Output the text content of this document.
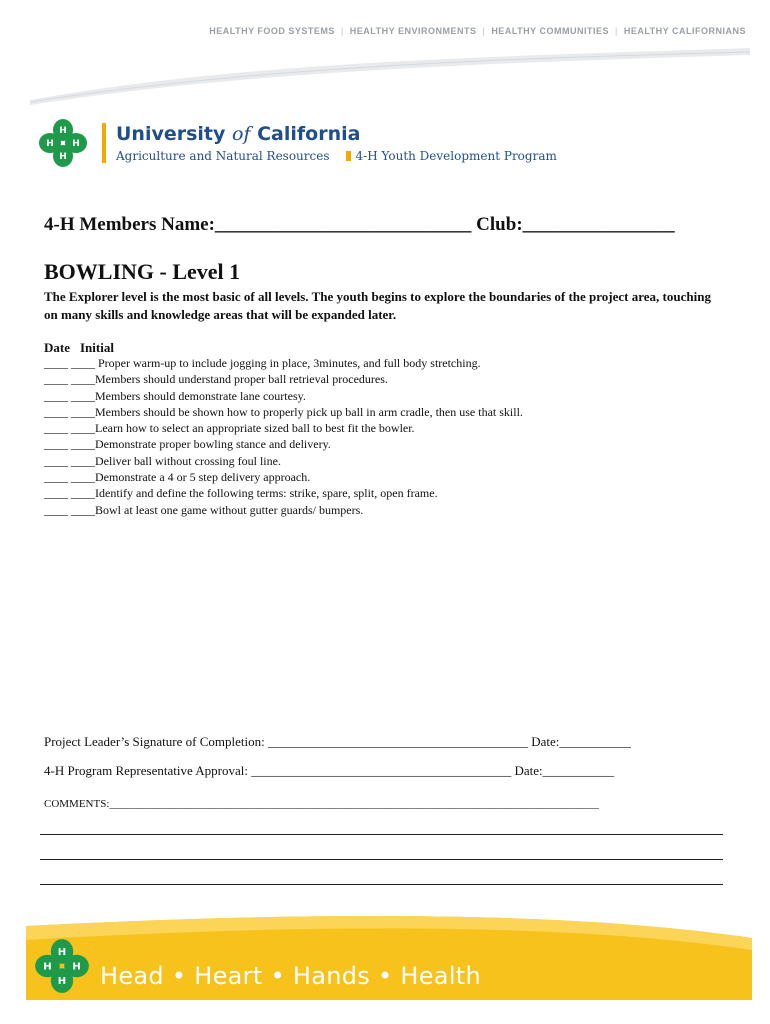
HEALTHY FOOD SYSTEMS | HEALTHY ENVIRONMENTS | HEALTHY COMMUNITIES | HEALTHY CALIFORNIANS
H
H
H H University of California
Agriculture and Natural Resources 4-H Youth Development Program
4-H Members Name:___________________________ Club:________________
BOWLING - Level 1
The Explorer level is the most basic of all levels. The youth begins to explore the boundaries of the project area, touching on many skills and knowledge areas that will be expanded later.
Date Initial
____ ____ Proper warm-up to include jogging in place, 3minutes, and full body stretching.
____ ____Members should understand proper ball retrieval procedures.
____ ____Members should demonstrate lane courtesy.
____ ____Members should be shown how to properly pick up ball in arm cradle, then use that skill.
____ ____Learn how to select an appropriate sized ball to best fit the bowler.
____ ____Demonstrate proper bowling stance and delivery.
____ ____Deliver ball without crossing foul line.
____ ____Demonstrate a 4 or 5 step delivery approach.
____ ____Identify and define the following terms: strike, spare, split, open frame.
____ ____Bowl at least one game without gutter guards/ bumpers.
Project Leader’s Signature of Completion: ________________________________________ Date:___________
4-H Program Representative Approval: ________________________________________ Date:___________
COMMENTS:_________________________________________________________________________________________
H
H
H H Head • Heart • Hands • Health
